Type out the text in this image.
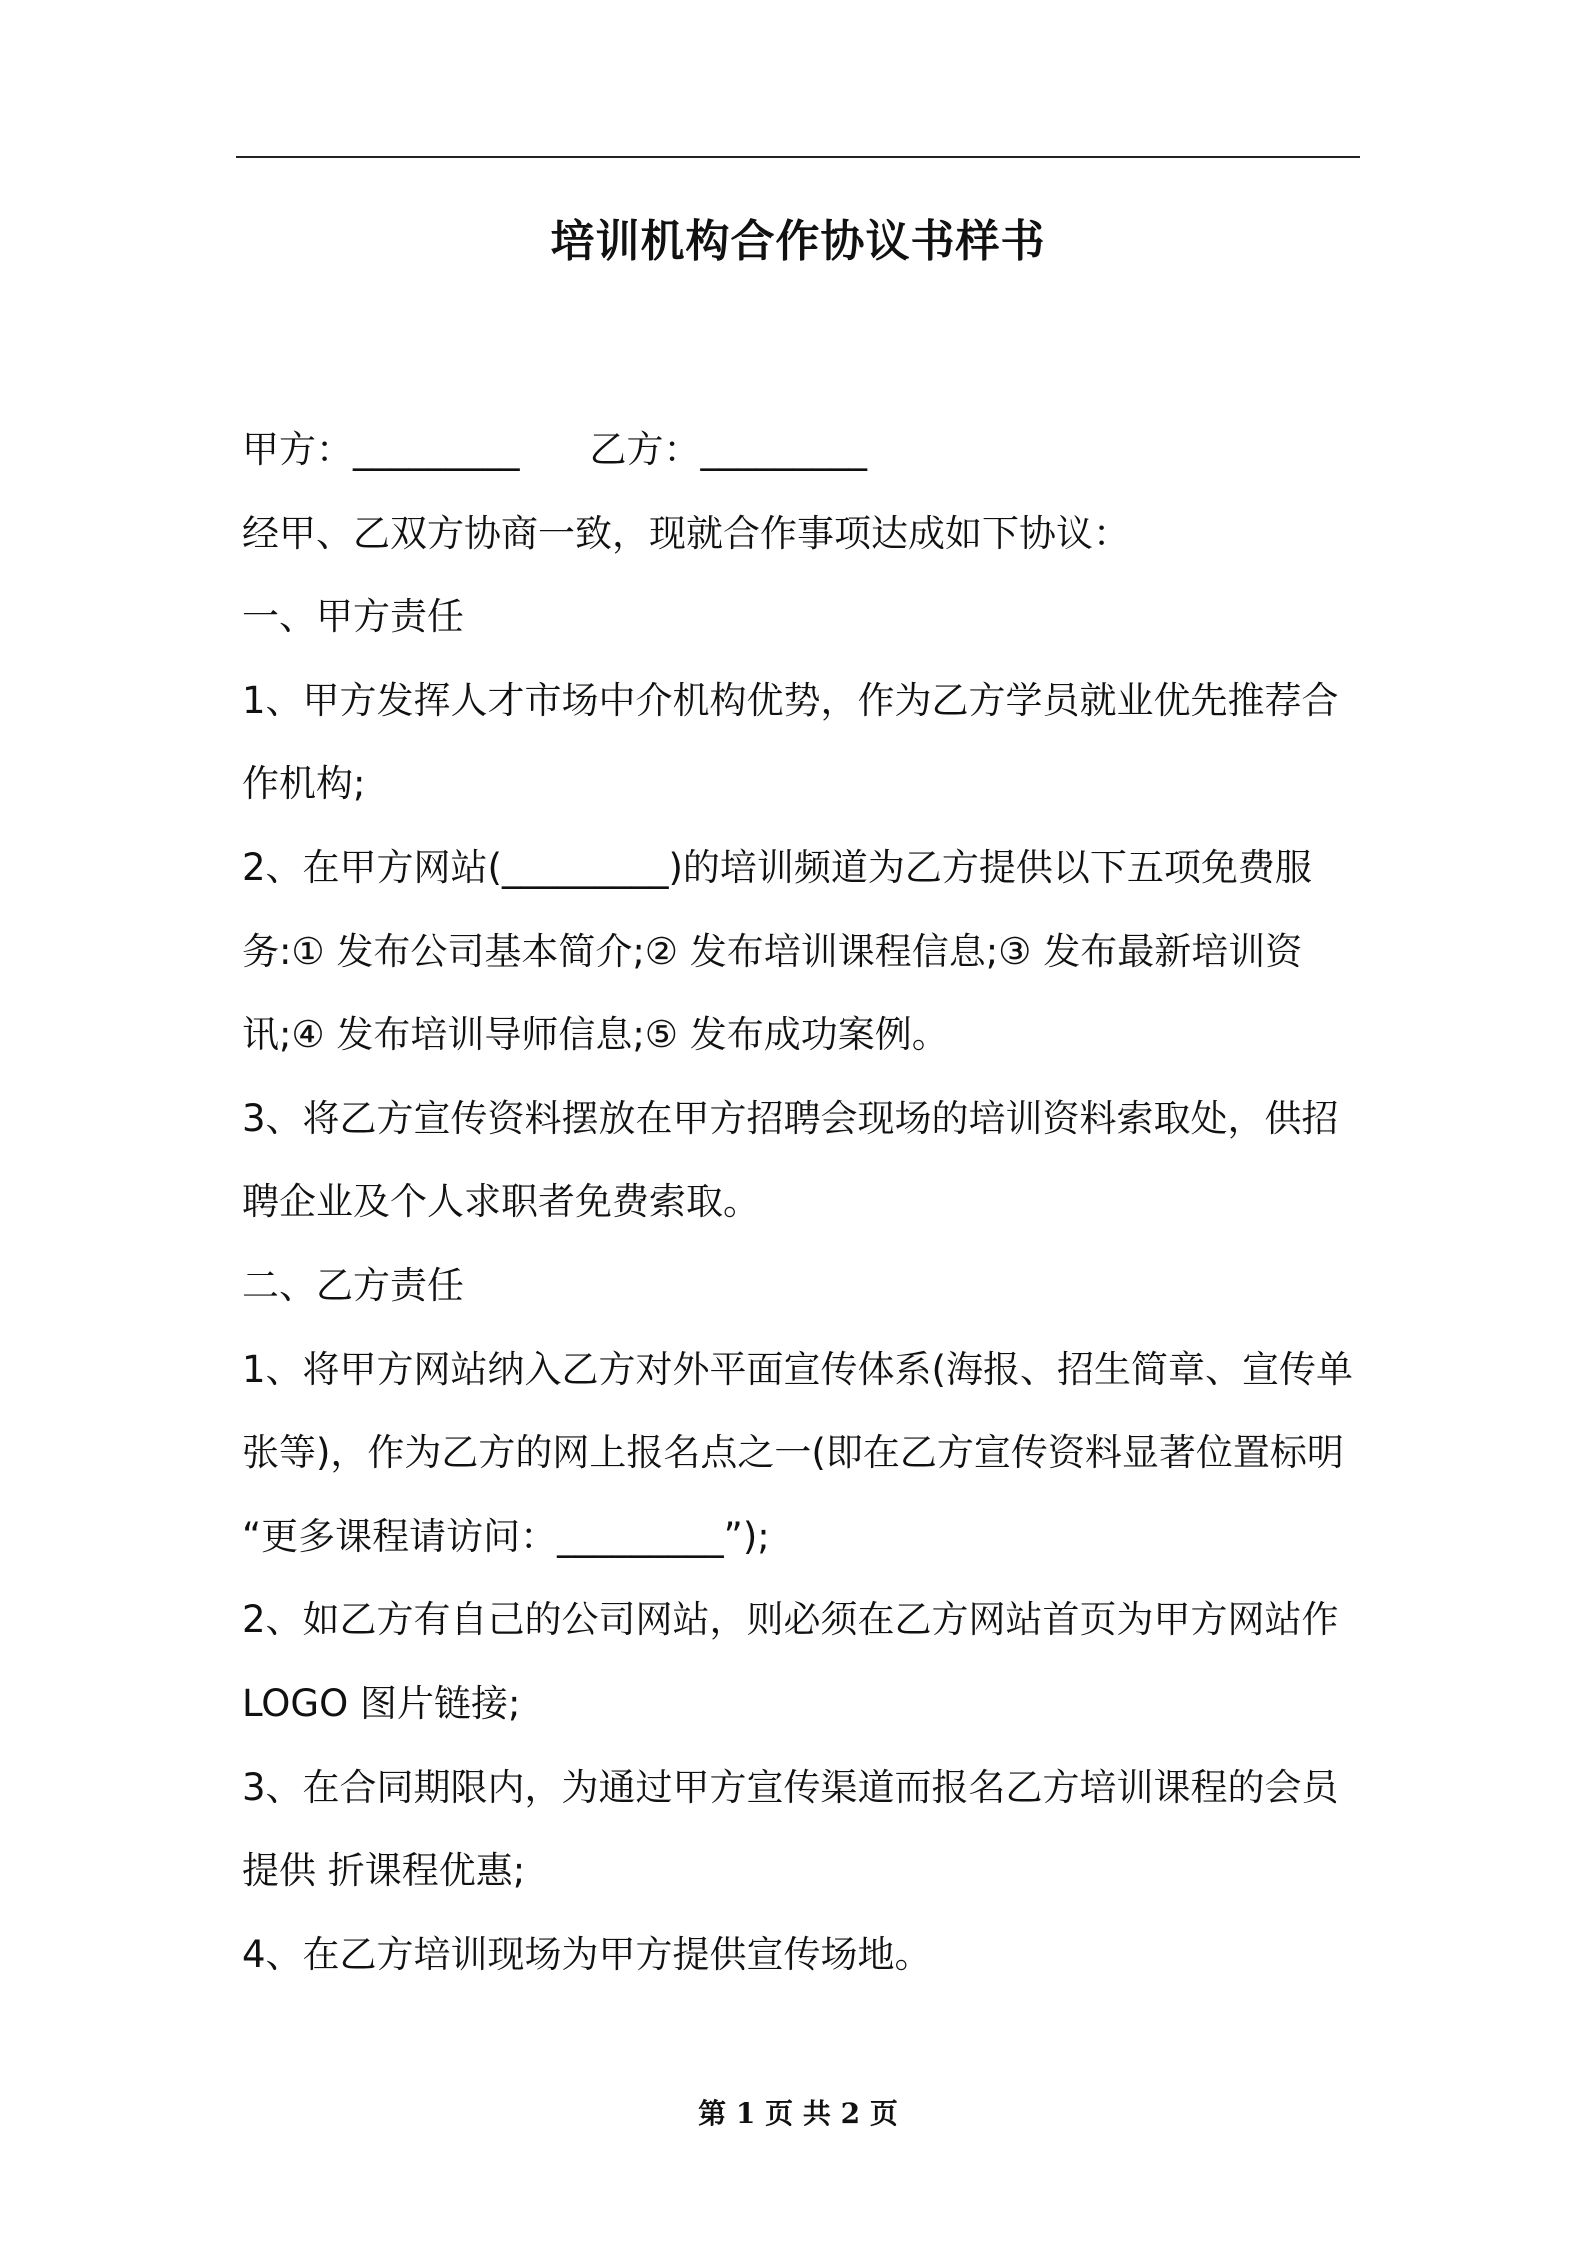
培训机构合作协议书样书
甲方：_________ 乙方：_________
经甲、乙双方协商一致，现就合作事项达成如下协议：
一、甲方责任
1、甲方发挥人才市场中介机构优势，作为乙方学员就业优先推荐合
作机构;
2、在甲方网站(_________)的培训频道为乙方提供以下五项免费服
务:① 发布公司基本简介;② 发布培训课程信息;③ 发布最新培训资
讯;④ 发布培训导师信息;⑤ 发布成功案例。
3、将乙方宣传资料摆放在甲方招聘会现场的培训资料索取处，供招
聘企业及个人求职者免费索取。
二、乙方责任
1、将甲方网站纳入乙方对外平面宣传体系(海报、招生简章、宣传单
张等)，作为乙方的网上报名点之一(即在乙方宣传资料显著位置标明
“更多课程请访问：_________”);
2、如乙方有自己的公司网站，则必须在乙方网站首页为甲方网站作
LOGO 图片链接;
3、在合同期限内，为通过甲方宣传渠道而报名乙方培训课程的会员
提供 折课程优惠;
4、在乙方培训现场为甲方提供宣传场地。
第 1 页 共 2 页
